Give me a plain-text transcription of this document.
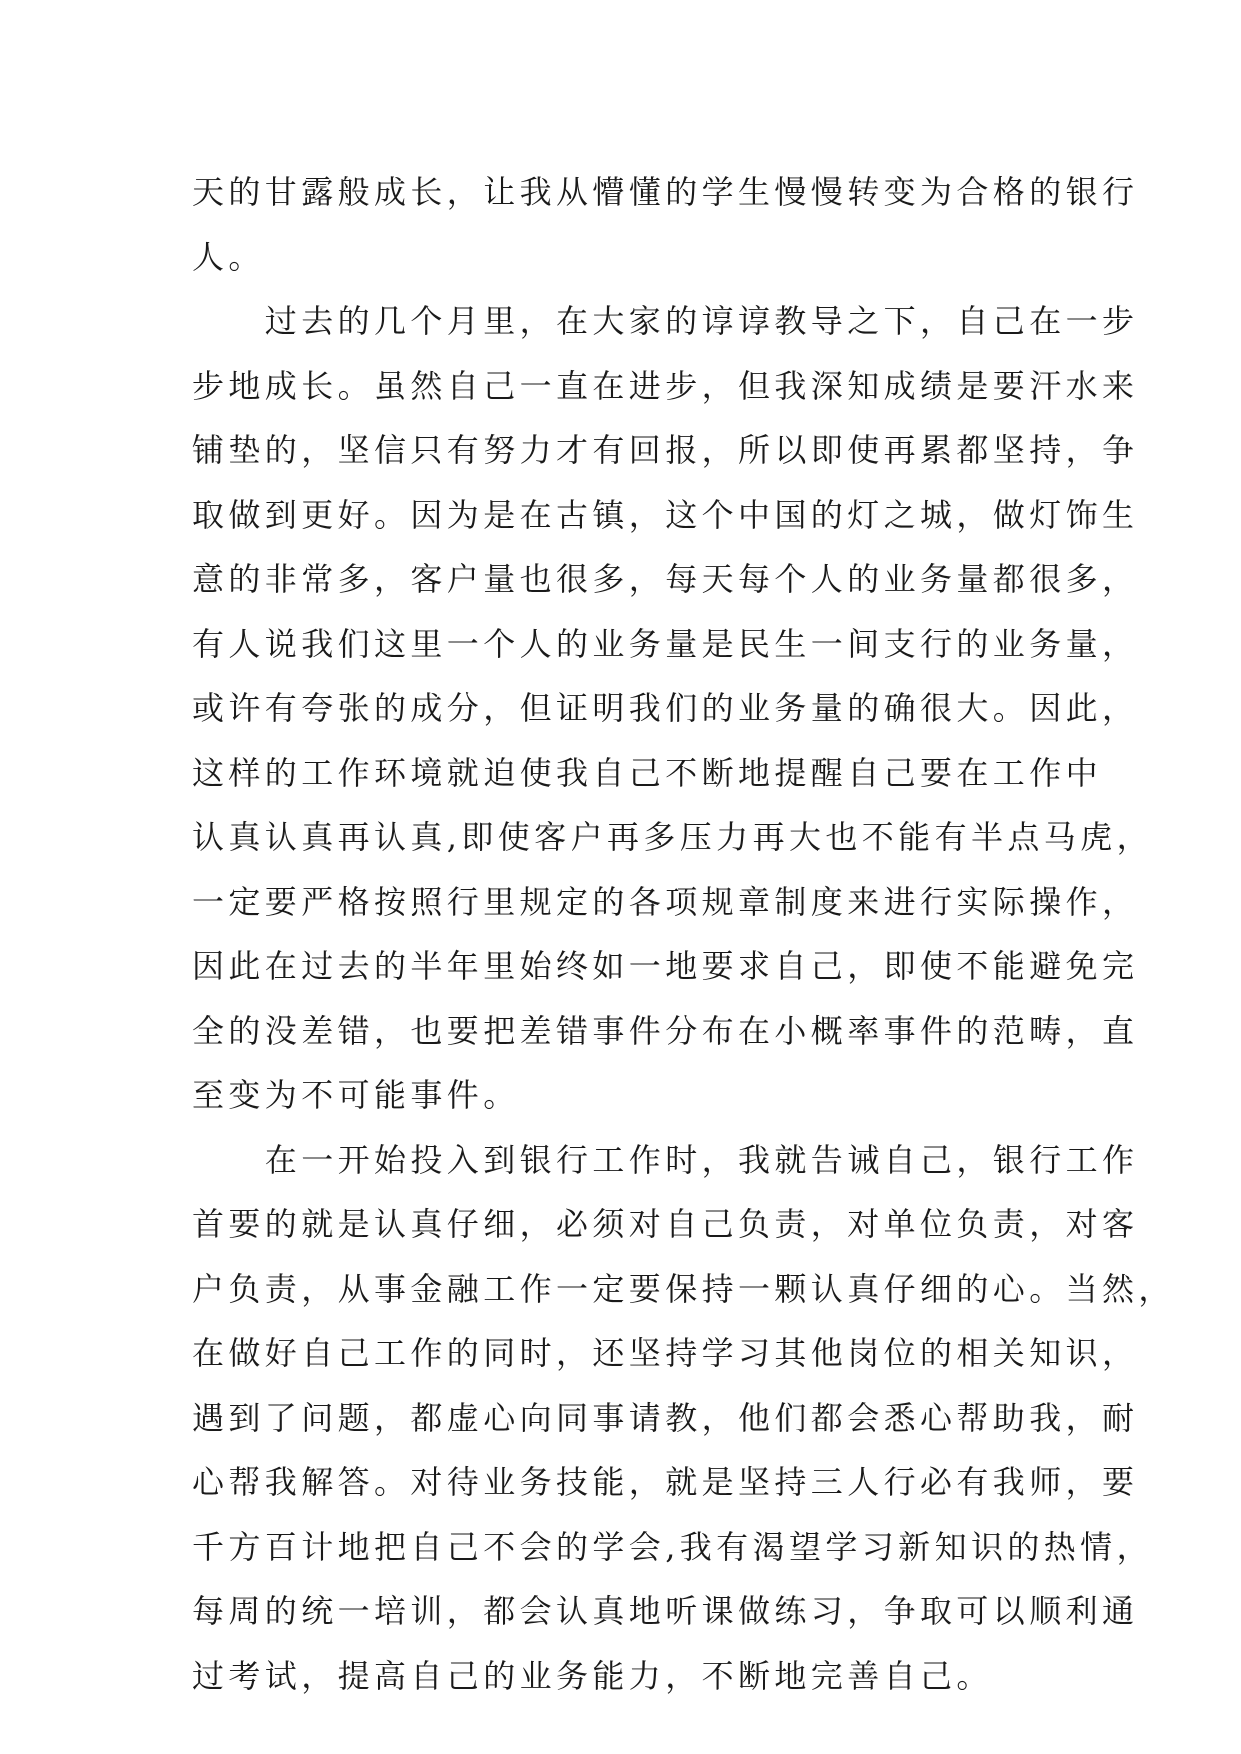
天的甘露般成长，让我从懵懂的学生慢慢转变为合格的银行
人。
　　过去的几个月里，在大家的谆谆教导之下，自己在一步
步地成长。虽然自己一直在进步，但我深知成绩是要汗水来
铺垫的，坚信只有努力才有回报，所以即使再累都坚持，争
取做到更好。因为是在古镇，这个中国的灯之城，做灯饰生
意的非常多，客户量也很多，每天每个人的业务量都很多，
有人说我们这里一个人的业务量是民生一间支行的业务量，
或许有夸张的成分，但证明我们的业务量的确很大。因此，
这样的工作环境就迫使我自己不断地提醒自己要在工作中
认真认真再认真,即使客户再多压力再大也不能有半点马虎，
一定要严格按照行里规定的各项规章制度来进行实际操作，
因此在过去的半年里始终如一地要求自己，即使不能避免完
全的没差错，也要把差错事件分布在小概率事件的范畴，直
至变为不可能事件。
　　在一开始投入到银行工作时，我就告诫自己，银行工作
首要的就是认真仔细，必须对自己负责，对单位负责，对客
户负责，从事金融工作一定要保持一颗认真仔细的心。当然，
在做好自己工作的同时，还坚持学习其他岗位的相关知识，
遇到了问题，都虚心向同事请教，他们都会悉心帮助我，耐
心帮我解答。对待业务技能，就是坚持三人行必有我师，要
千方百计地把自己不会的学会,我有渴望学习新知识的热情，
每周的统一培训，都会认真地听课做练习，争取可以顺利通
过考试，提高自己的业务能力，不断地完善自己。
